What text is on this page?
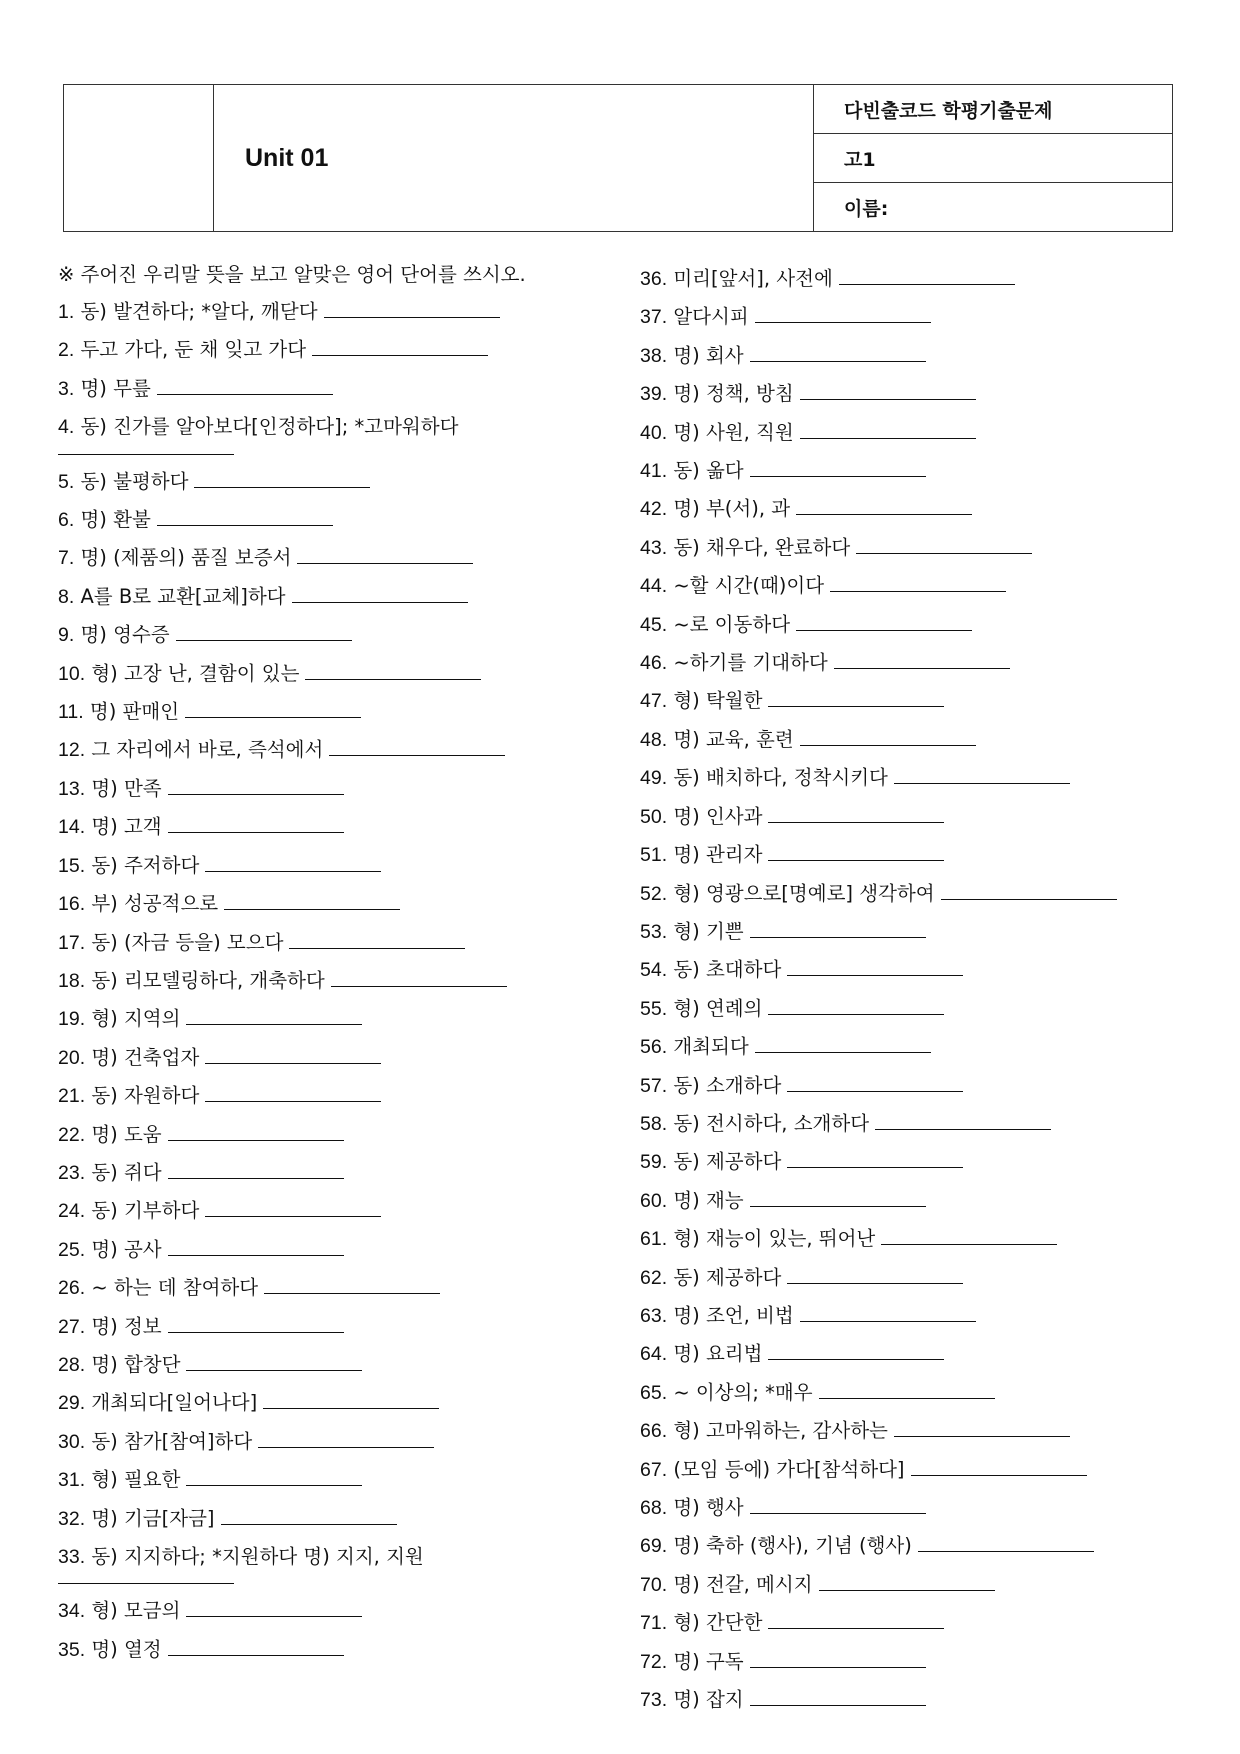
Unit 01
다빈출코드 학평기출문제
고1
이름:
※ 주어진 우리말 뜻을 보고 알맞은 영어 단어를 쓰시오.
1. 동) 발견하다; *알다, 깨닫다
2. 두고 가다, 둔 채 잊고 가다
3. 명) 무릎
4. 동) 진가를 알아보다[인정하다]; *고마워하다
5. 동) 불평하다
6. 명) 환불
7. 명) (제품의) 품질 보증서
8. A를 B로 교환[교체]하다
9. 명) 영수증
10. 형) 고장 난, 결함이 있는
11. 명) 판매인
12. 그 자리에서 바로, 즉석에서
13. 명) 만족
14. 명) 고객
15. 동) 주저하다
16. 부) 성공적으로
17. 동) (자금 등을) 모으다
18. 동) 리모델링하다, 개축하다
19. 형) 지역의
20. 명) 건축업자
21. 동) 자원하다
22. 명) 도움
23. 동) 쥐다
24. 동) 기부하다
25. 명) 공사
26. ~ 하는 데 참여하다
27. 명) 정보
28. 명) 합창단
29. 개최되다[일어나다]
30. 동) 참가[참여]하다
31. 형) 필요한
32. 명) 기금[자금]
33. 동) 지지하다; *지원하다 명) 지지, 지원
34. 형) 모금의
35. 명) 열정
36. 미리[앞서], 사전에
37. 알다시피
38. 명) 회사
39. 명) 정책, 방침
40. 명) 사원, 직원
41. 동) 옮다
42. 명) 부(서), 과
43. 동) 채우다, 완료하다
44. ~할 시간(때)이다
45. ~로 이동하다
46. ~하기를 기대하다
47. 형) 탁월한
48. 명) 교육, 훈련
49. 동) 배치하다, 정착시키다
50. 명) 인사과
51. 명) 관리자
52. 형) 영광으로[명예로] 생각하여
53. 형) 기쁜
54. 동) 초대하다
55. 형) 연례의
56. 개최되다
57. 동) 소개하다
58. 동) 전시하다, 소개하다
59. 동) 제공하다
60. 명) 재능
61. 형) 재능이 있는, 뛰어난
62. 동) 제공하다
63. 명) 조언, 비법
64. 명) 요리법
65. ~ 이상의; *매우
66. 형) 고마워하는, 감사하는
67. (모임 등에) 가다[참석하다]
68. 명) 행사
69. 명) 축하 (행사), 기념 (행사)
70. 명) 전갈, 메시지
71. 형) 간단한
72. 명) 구독
73. 명) 잡지
